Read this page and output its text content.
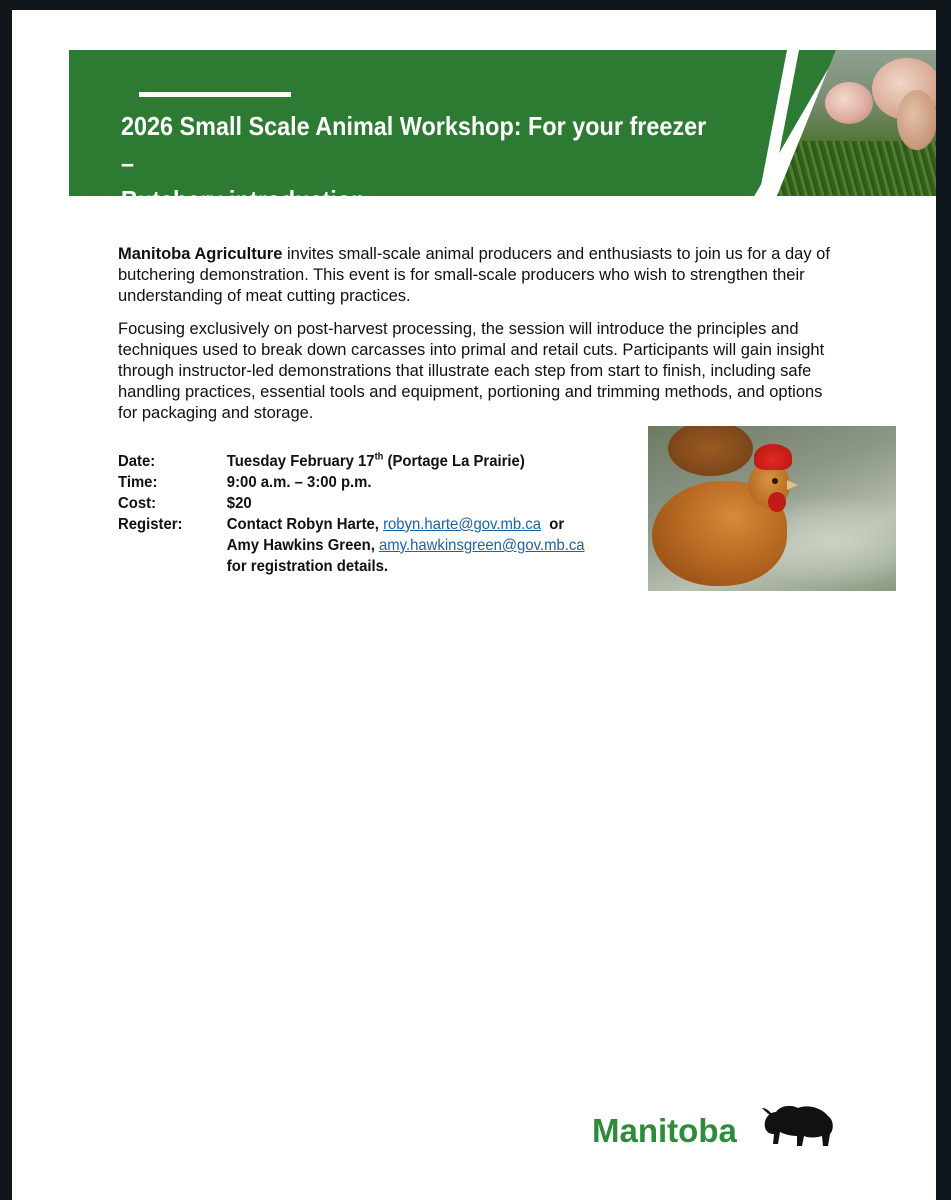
2026 Small Scale Animal Workshop: For your freezer –
Butchery introduction

Manitoba Agriculture invites small-scale animal producers and enthusiasts to join us for a day of butchering demonstration. This event is for small-scale producers who wish to strengthen their understanding of meat cutting practices.

Focusing exclusively on post-harvest processing, the session will introduce the principles and techniques used to break down carcasses into primal and retail cuts. Participants will gain insight through instructor-led demonstrations that illustrate each step from start to finish, including safe handling practices, essential tools and equipment, portioning and trimming methods, and options for packaging and storage.

Date:	Tuesday February 17th (Portage La Prairie)
Time:	9:00 a.m. – 3:00 p.m.
Cost:	$20
Register:	Contact Robyn Harte, robyn.harte@gov.mb.ca  or
Amy Hawkins Green, amy.hawkinsgreen@gov.mb.ca
for registration details.
Manitoba
